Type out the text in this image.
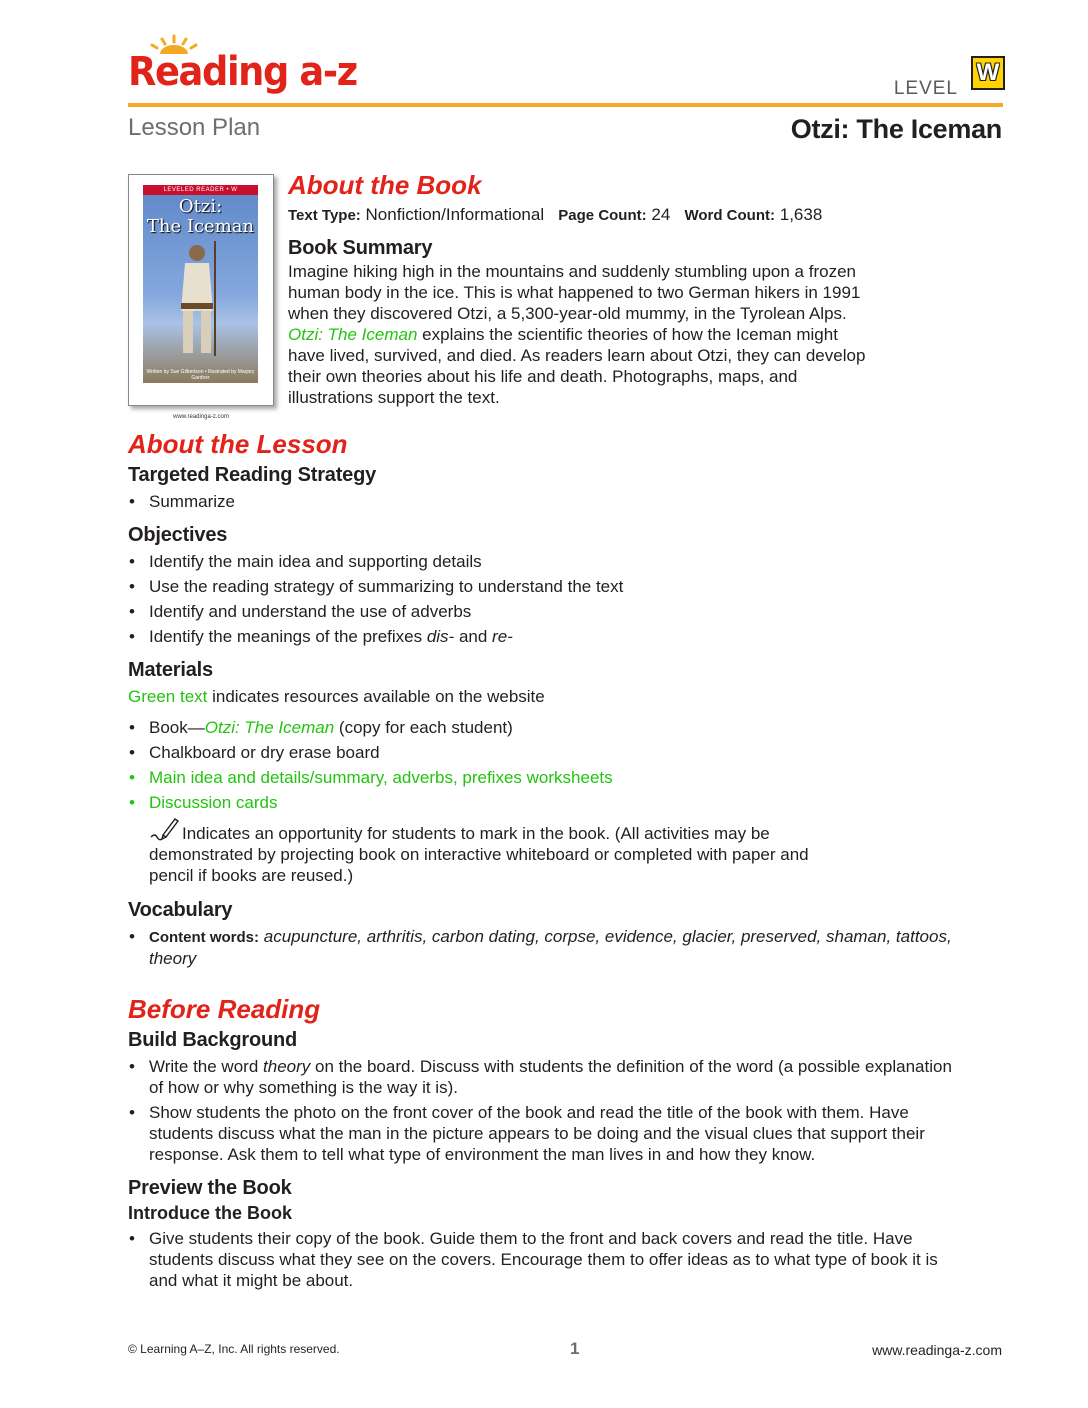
Reading a-z	LEVEL
W
Lesson Plan	Otzi: The Iceman
LEVELED READER • W
Otzi:
The Iceman
Written by Sue Gilbertson • Illustrated by Marjory Gardner
www.readinga-z.com
About the Book
Text Type: Nonfiction/Informational Page Count: 24 Word Count: 1,638
Book Summary
Imagine hiking high in the mountains and suddenly stumbling upon a frozen human body in the ice. This is what happened to two German hikers in 1991 when they discovered Otzi, a 5,300-year-old mummy, in the Tyrolean Alps. Otzi: The Iceman explains the scientific theories of how the Iceman might have lived, survived, and died. As readers learn about Otzi, they can develop their own theories about his life and death. Photographs, maps, and illustrations support the text.
About the Lesson
Targeted Reading Strategy
• Summarize
Objectives
• Identify the main idea and supporting details
• Use the reading strategy of summarizing to understand the text
• Identify and understand the use of adverbs
• Identify the meanings of the prefixes dis- and re-
Materials
Green text indicates resources available on the website
• Book—Otzi: The Iceman (copy for each student)
• Chalkboard or dry erase board
• Main idea and details/summary, adverbs, prefixes worksheets
• Discussion cards
Indicates an opportunity for students to mark in the book. (All activities may be demonstrated by projecting book on interactive whiteboard or completed with paper and pencil if books are reused.)
Vocabulary
• Content words: acupuncture, arthritis, carbon dating, corpse, evidence, glacier, preserved, shaman, tattoos, theory
Before Reading
Build Background
• Write the word theory on the board. Discuss with students the definition of the word (a possible explanation of how or why something is the way it is).
• Show students the photo on the front cover of the book and read the title of the book with them. Have students discuss what the man in the picture appears to be doing and the visual clues that support their response. Ask them to tell what type of environment the man lives in and how they know.
Preview the Book
Introduce the Book
• Give students their copy of the book. Guide them to the front and back covers and read the title. Have students discuss what they see on the covers. Encourage them to offer ideas as to what type of book it is and what it might be about.
© Learning A–Z, Inc. All rights reserved.	1	www.readinga-z.com
